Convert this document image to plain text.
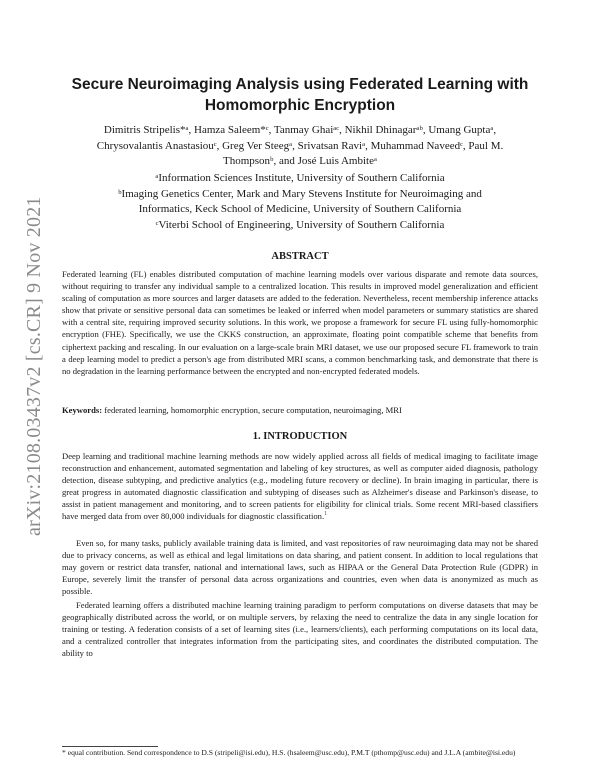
arXiv:2108.03437v2 [cs.CR] 9 Nov 2021
Secure Neuroimaging Analysis using Federated Learning with
Homomorphic Encryption
Dimitris Stripelis*ᵃ, Hamza Saleem*ᶜ, Tanmay Ghaiᵃᶜ, Nikhil Dhinagarᵃᵇ, Umang Guptaᵃ,
Chrysovalantis Anastasiouᶜ, Greg Ver Steegᵃ, Srivatsan Raviᵃ, Muhammad Naveedᶜ, Paul M.
Thompsonᵇ, and José Luis Ambiteᵃ
ᵃInformation Sciences Institute, University of Southern California
ᵇImaging Genetics Center, Mark and Mary Stevens Institute for Neuroimaging and
Informatics, Keck School of Medicine, University of Southern California
ᶜViterbi School of Engineering, University of Southern California
ABSTRACT
Federated learning (FL) enables distributed computation of machine learning models over various disparate and remote data sources, without requiring to transfer any individual sample to a centralized location. This results in improved model generalization and efficient scaling of computation as more sources and larger datasets are added to the federation. Nevertheless, recent membership inference attacks show that private or sensitive personal data can sometimes be leaked or inferred when model parameters or summary statistics are shared with a central site, requiring improved security solutions. In this work, we propose a framework for secure FL using fully-homomorphic encryption (FHE). Specifically, we use the CKKS construction, an approximate, floating point compatible scheme that benefits from ciphertext packing and rescaling. In our evaluation on a large-scale brain MRI dataset, we use our proposed secure FL framework to train a deep learning model to predict a person's age from distributed MRI scans, a common benchmarking task, and demonstrate that there is no degradation in the learning performance between the encrypted and non-encrypted federated models.
Keywords: federated learning, homomorphic encryption, secure computation, neuroimaging, MRI
1. INTRODUCTION
Deep learning and traditional machine learning methods are now widely applied across all fields of medical imaging to facilitate image reconstruction and enhancement, automated segmentation and labeling of key structures, as well as computer aided diagnosis, pathology detection, disease subtyping, and predictive analytics (e.g., modeling future recovery or decline). In brain imaging in particular, there is great progress in automated diagnostic classification and subtyping of diseases such as Alzheimer's disease and Parkinson's disease, to assist in patient management and monitoring, and to screen patients for eligibility for clinical trials. Some recent MRI-based classifiers have merged data from over 80,000 individuals for diagnostic classification.$^1$
Even so, for many tasks, publicly available training data is limited, and vast repositories of raw neuroimaging data may not be shared due to privacy concerns, as well as ethical and legal limitations on data sharing, and patient consent. In addition to local regulations that may govern or restrict data transfer, national and international laws, such as HIPAA or the General Data Protection Rule (GDPR) in Europe, severely limit the transfer of personal data across organizations and countries, even when data is anonymized as much as possible.
Federated learning offers a distributed machine learning training paradigm to perform computations on diverse datasets that may be geographically distributed across the world, or on multiple servers, by relaxing the need to centralize the data in any single location for training or testing. A federation consists of a set of learning sites (i.e., learners/clients), each performing computations on its local data, and a centralized controller that integrates information from the participating sites, and coordinates the distributed computation. The ability to
* equal contribution. Send correspondence to D.S (stripeli@isi.edu), H.S. (hsaleem@usc.edu), P.M.T (pthomp@usc.edu) and J.L.A (ambite@isi.edu)
